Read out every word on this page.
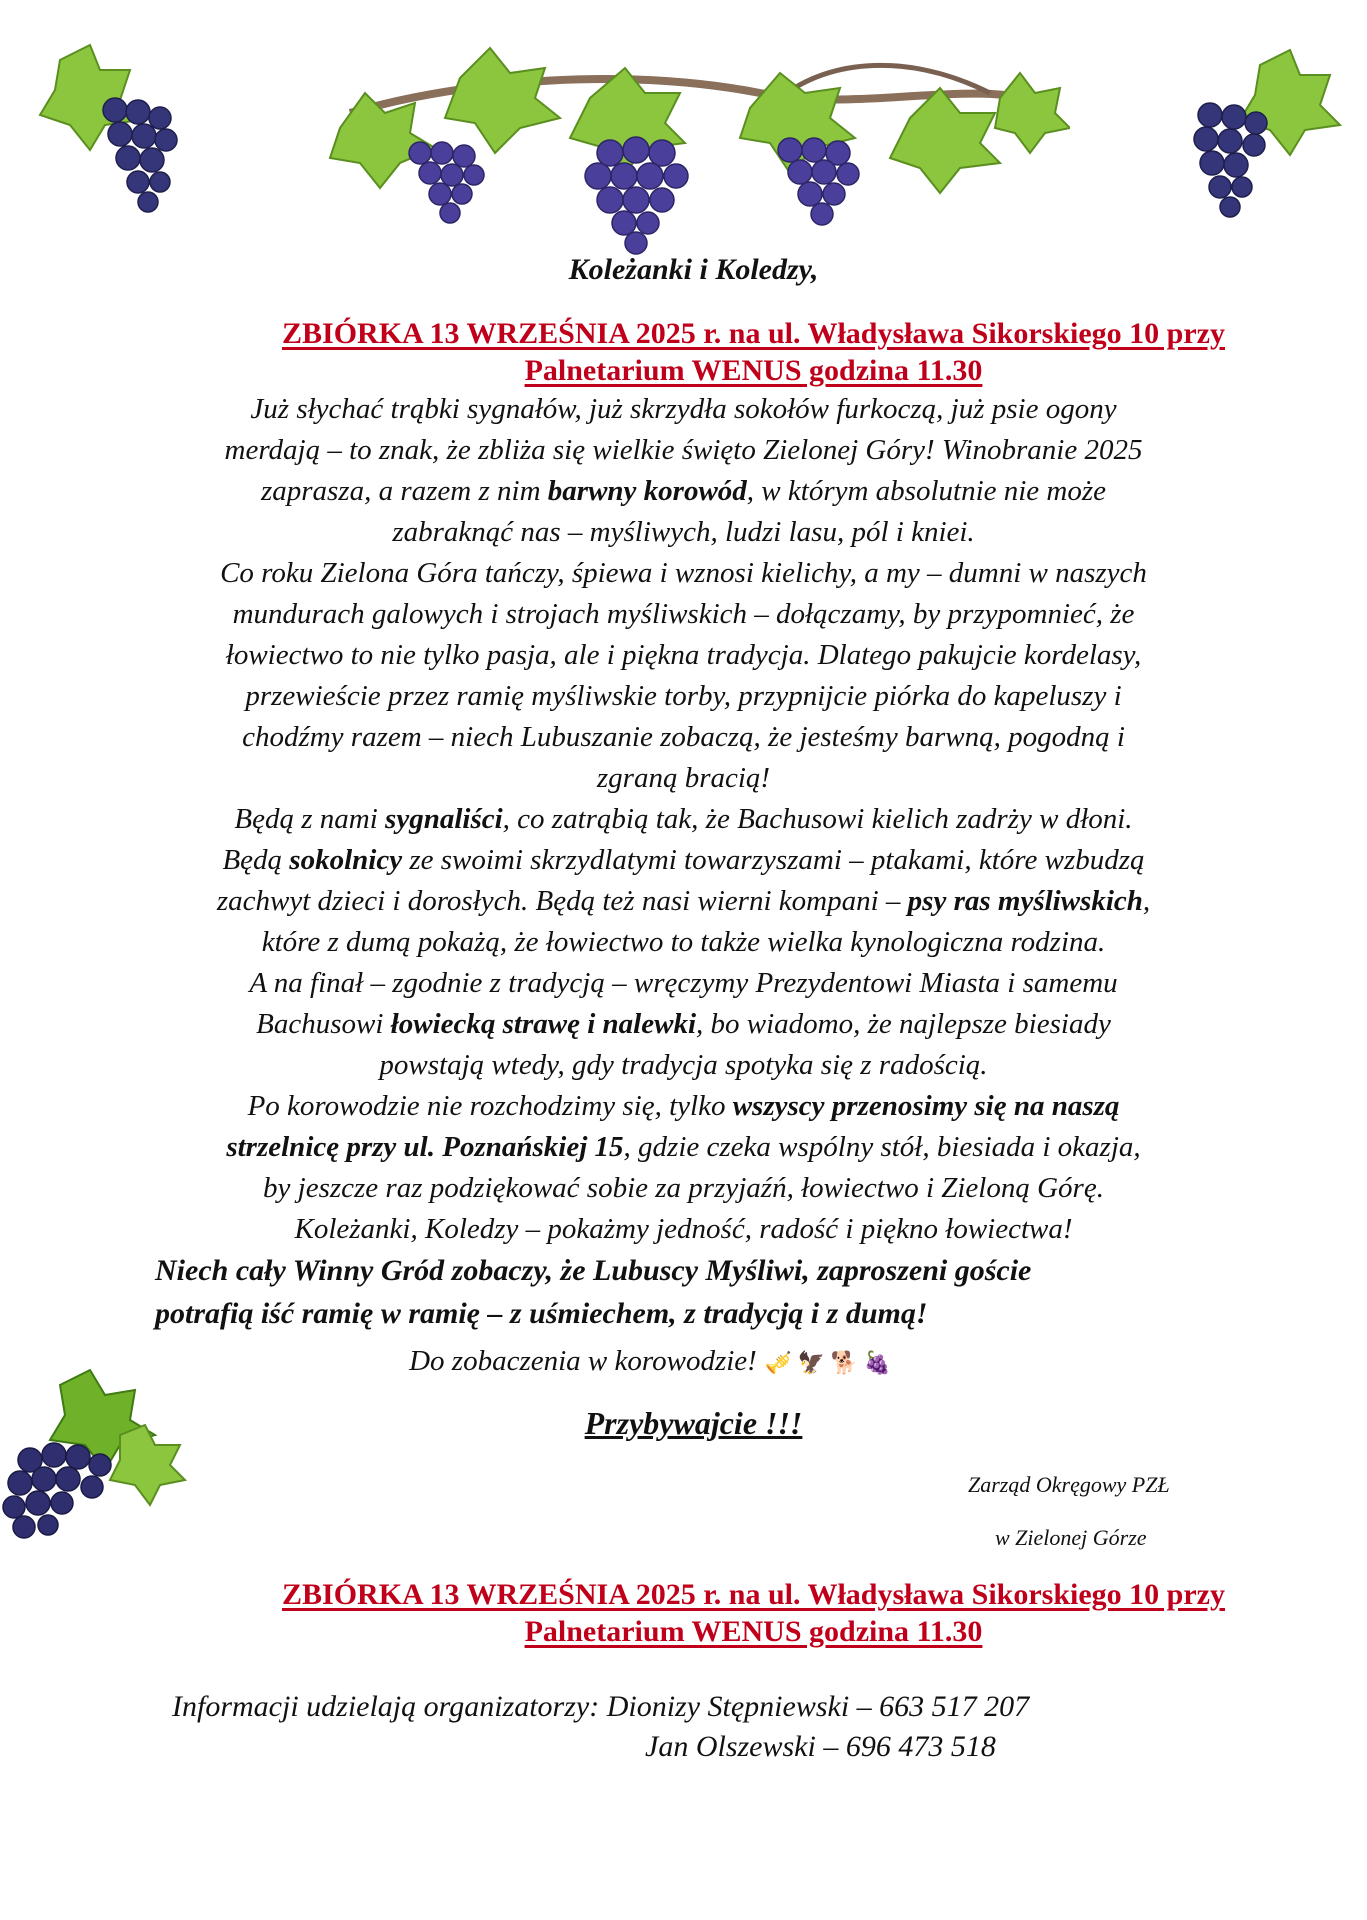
Koleżanki i Koledzy,
ZBIÓRKA 13 WRZEŚNIA 2025 r. na ul. Władysława Sikorskiego 10 przy
Palnetarium WENUS godzina 11.30
Już słychać trąbki sygnałów, już skrzydła sokołów furkoczą, już psie ogony
merdają – to znak, że zbliża się wielkie święto Zielonej Góry! Winobranie 2025
zaprasza, a razem z nim barwny korowód, w którym absolutnie nie może
zabraknąć nas – myśliwych, ludzi lasu, pól i kniei.
Co roku Zielona Góra tańczy, śpiewa i wznosi kielichy, a my – dumni w naszych
mundurach galowych i strojach myśliwskich – dołączamy, by przypomnieć, że
łowiectwo to nie tylko pasja, ale i piękna tradycja. Dlatego pakujcie kordelasy,
przewieście przez ramię myśliwskie torby, przypnijcie piórka do kapeluszy i
chodźmy razem – niech Lubuszanie zobaczą, że jesteśmy barwną, pogodną i
zgraną bracią!
Będą z nami sygnaliści, co zatrąbią tak, że Bachusowi kielich zadrży w dłoni.
Będą sokolnicy ze swoimi skrzydlatymi towarzyszami – ptakami, które wzbudzą
zachwyt dzieci i dorosłych. Będą też nasi wierni kompani – psy ras myśliwskich,
które z dumą pokażą, że łowiectwo to także wielka kynologiczna rodzina.
A na finał – zgodnie z tradycją – wręczymy Prezydentowi Miasta i samemu
Bachusowi łowiecką strawę i nalewki, bo wiadomo, że najlepsze biesiady
powstają wtedy, gdy tradycja spotyka się z radością.
Po korowodzie nie rozchodzimy się, tylko wszyscy przenosimy się na naszą
strzelnicę przy ul. Poznańskiej 15, gdzie czeka wspólny stół, biesiada i okazja,
by jeszcze raz podziękować sobie za przyjaźń, łowiectwo i Zieloną Górę.
Koleżanki, Koledzy – pokażmy jedność, radość i piękno łowiectwa!
Niech cały Winny Gród zobaczy, że Lubuscy Myśliwi, zaproszeni goście
potrafią iść ramię w ramię – z uśmiechem, z tradycją i z dumą!
Do zobaczenia w korowodzie! 🎺 🦅 🐕 🍇
Przybywajcie !!!
Zarząd Okręgowy PZŁ
w Zielonej Górze
ZBIÓRKA 13 WRZEŚNIA 2025 r. na ul. Władysława Sikorskiego 10 przy
Palnetarium WENUS godzina 11.30
Informacji udzielają organizatorzy: Dionizy Stępniewski – 663 517 207
Jan Olszewski – 696 473 518
